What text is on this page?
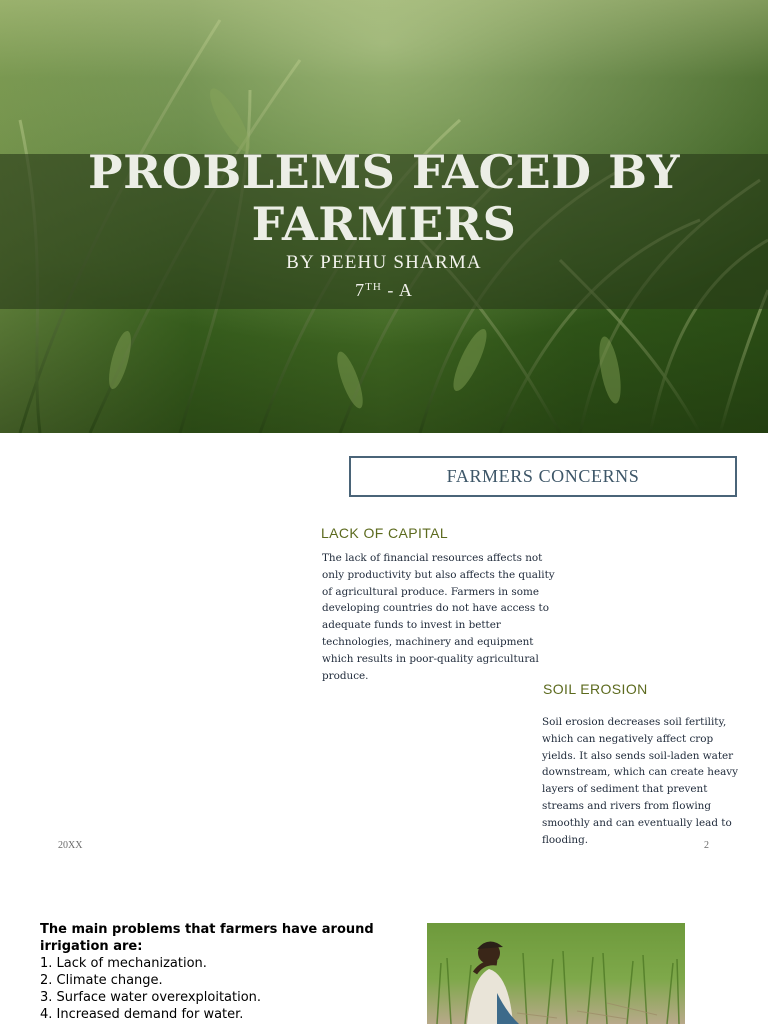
PROBLEMS FACED BY
FARMERS
BY PEEHU SHARMA
7TH - A
FARMERS CONCERNS
LACK OF CAPITAL
The lack of financial resources affects not
only productivity but also affects the quality
of agricultural produce. Farmers in some
developing countries do not have access to
adequate funds to invest in better
technologies, machinery and equipment
which results in poor-quality agricultural
produce.
SOIL EROSION
Soil erosion decreases soil fertility,
which can negatively affect crop
yields. It also sends soil-laden water
downstream, which can create heavy
layers of sediment that prevent
streams and rivers from flowing
smoothly and can eventually lead to
flooding.
20XX	2
The main problems that farmers have around irrigation are:
1. Lack of mechanization.
2. Climate change.
3. Surface water overexploitation.
4. Increased demand for water.
